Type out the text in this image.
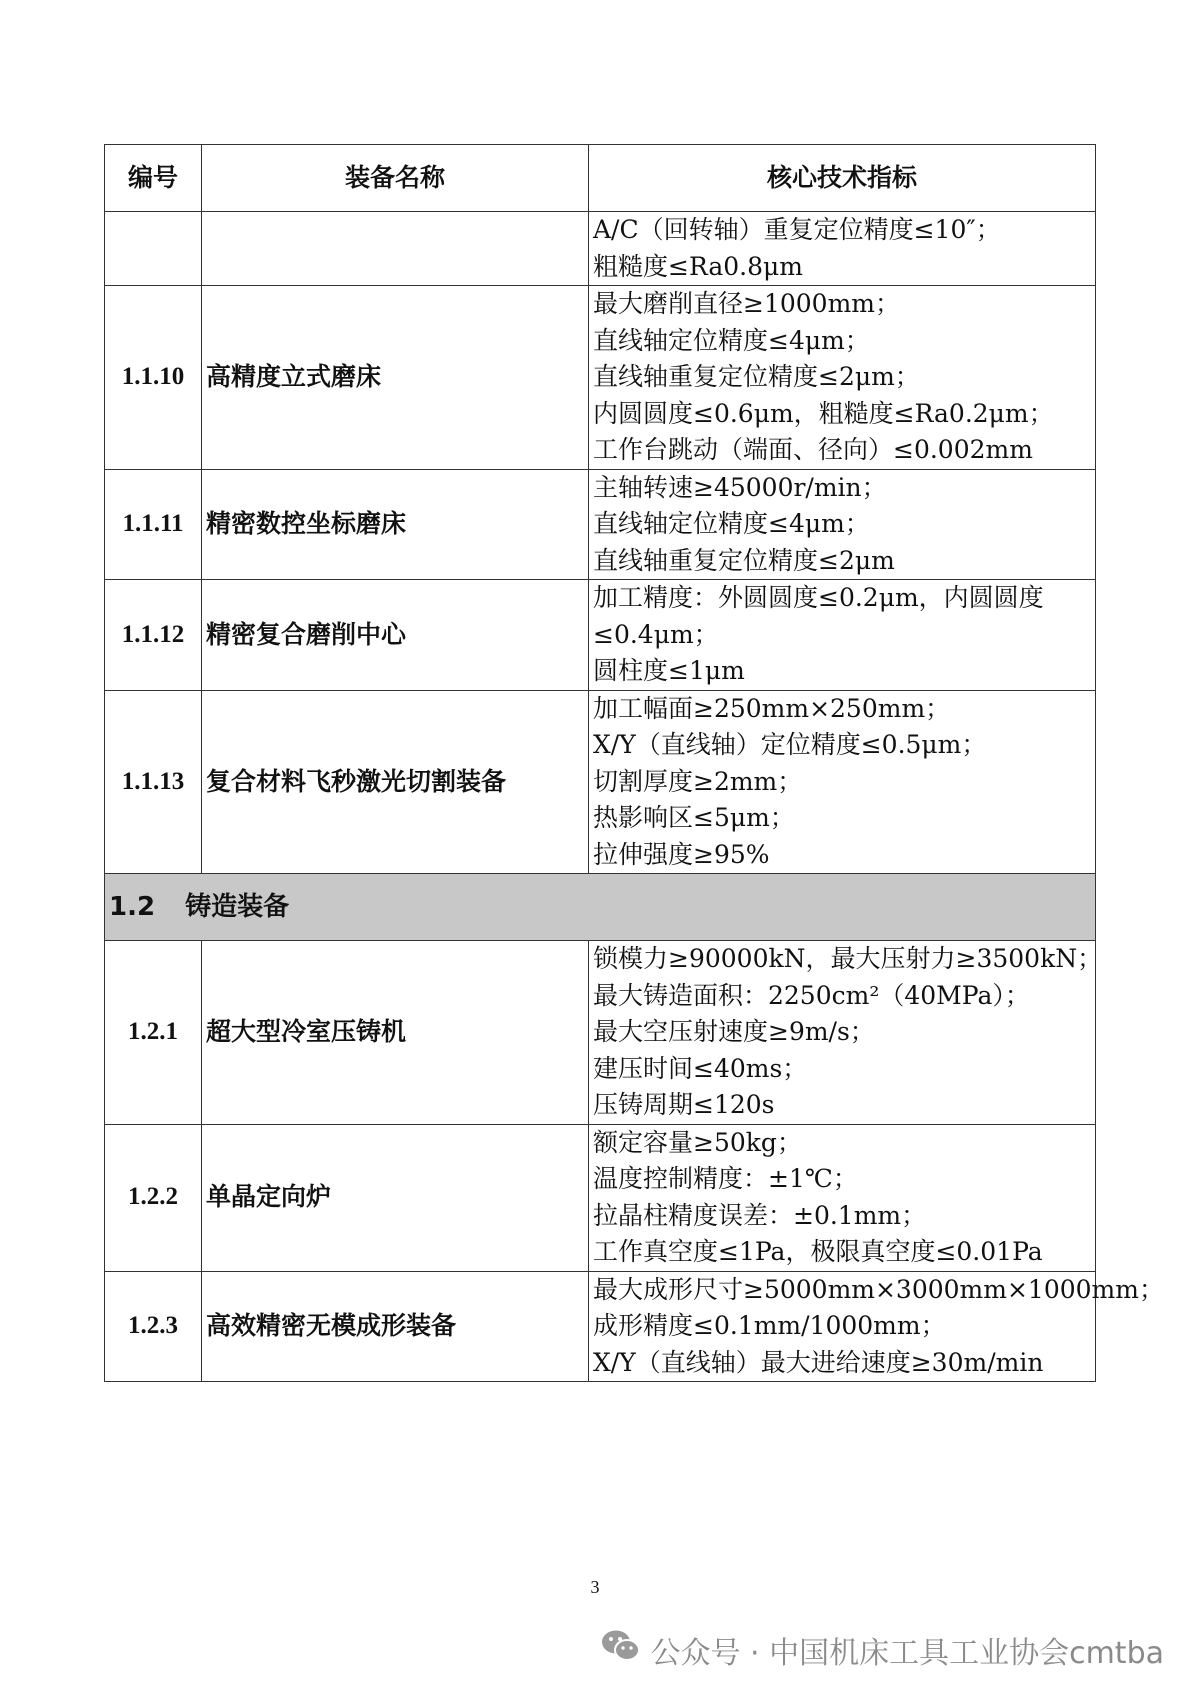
编号	装备名称	核心技术指标

		A/C（回转轴）重复定位精度≤10″；
粗糙度≤Ra0.8μm

1.1.10	高精度立式磨床	最大磨削直径≥1000mm；
直线轴定位精度≤4μm；
直线轴重复定位精度≤2μm；
内圆圆度≤0.6μm，粗糙度≤Ra0.2μm；
工作台跳动（端面、径向）≤0.002mm

1.1.11	精密数控坐标磨床	主轴转速≥45000r/min；
直线轴定位精度≤4μm；
直线轴重复定位精度≤2μm

1.1.12	精密复合磨削中心	加工精度：外圆圆度≤0.2μm，内圆圆度
≤0.4μm；
圆柱度≤1μm

1.1.13	复合材料飞秒激光切割装备	加工幅面≥250mm×250mm；
X/Y（直线轴）定位精度≤0.5μm；
切割厚度≥2mm；
热影响区≤5μm；
拉伸强度≥95%

1.2 铸造装备		
1.2.1	超大型冷室压铸机	锁模力≥90000kN，最大压射力≥3500kN；
最大铸造面积：2250cm²（40MPa）；
最大空压射速度≥9m/s；
建压时间≤40ms；
压铸周期≤120s

1.2.2	单晶定向炉	额定容量≥50kg；
温度控制精度：±1℃；
拉晶柱精度误差：±0.1mm；
工作真空度≤1Pa，极限真空度≤0.01Pa

1.2.3	高效精密无模成形装备	最大成形尺寸≥5000mm×3000mm×1000mm；
成形精度≤0.1mm/1000mm；
X/Y（直线轴）最大进给速度≥30m/min
3
公众号 · 中国机床工具工业协会cmtba
